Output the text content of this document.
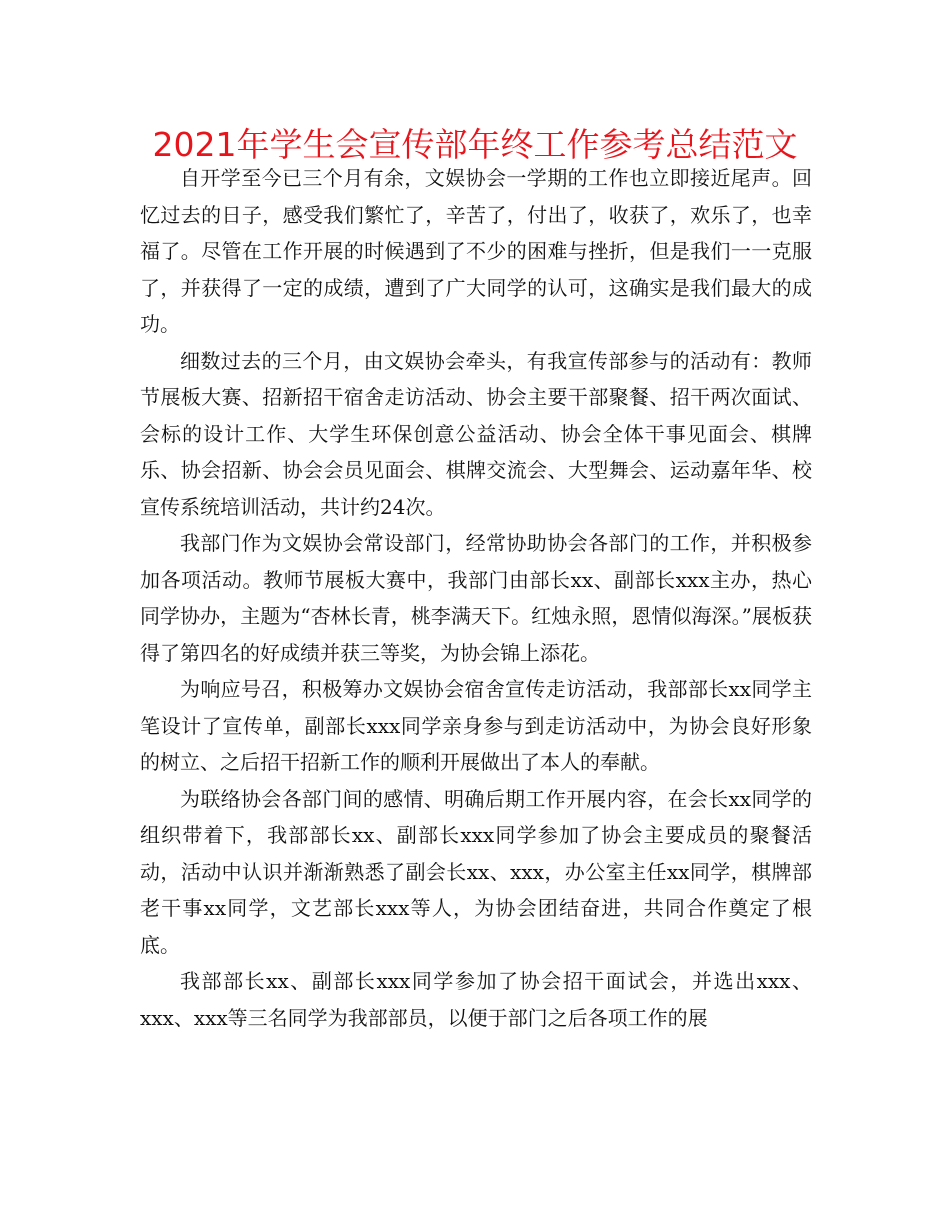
2021年学生会宣传部年终工作参考总结范文

自开学至今已三个月有余，文娱协会一学期的工作也立即接近尾声。回忆过去的日子，感受我们繁忙了，辛苦了，付出了，收获了，欢乐了，也幸福了。尽管在工作开展的时候遇到了不少的困难与挫折，但是我们一一克服了，并获得了一定的成绩，遭到了广大同学的认可，这确实是我们最大的成功。

细数过去的三个月，由文娱协会牵头，有我宣传部参与的活动有：教师节展板大赛、招新招干宿舍走访活动、协会主要干部聚餐、招干两次面试、会标的设计工作、大学生环保创意公益活动、协会全体干事见面会、棋牌乐、协会招新、协会会员见面会、棋牌交流会、大型舞会、运动嘉年华、校宣传系统培训活动，共计约24次。

我部门作为文娱协会常设部门，经常协助协会各部门的工作，并积极参加各项活动。教师节展板大赛中，我部门由部长xx、副部长xxx主办，热心同学协办，主题为“杏林长青，桃李满天下。红烛永照，恩情似海深。”展板获得了第四名的好成绩并获三等奖，为协会锦上添花。

为响应号召，积极筹办文娱协会宿舍宣传走访活动，我部部长xx同学主笔设计了宣传单，副部长xxx同学亲身参与到走访活动中，为协会良好形象的树立、之后招干招新工作的顺利开展做出了本人的奉献。

为联络协会各部门间的感情、明确后期工作开展内容，在会长xx同学的组织带着下，我部部长xx、副部长xxx同学参加了协会主要成员的聚餐活动，活动中认识并渐渐熟悉了副会长xx、xxx，办公室主任xx同学，棋牌部老干事xx同学，文艺部长xxx等人，为协会团结奋进，共同合作奠定了根底。

我部部长xx、副部长xxx同学参加了协会招干面试会，并选出xxx、xxx、xxx等三名同学为我部部员，以便于部门之后各项工作的展
